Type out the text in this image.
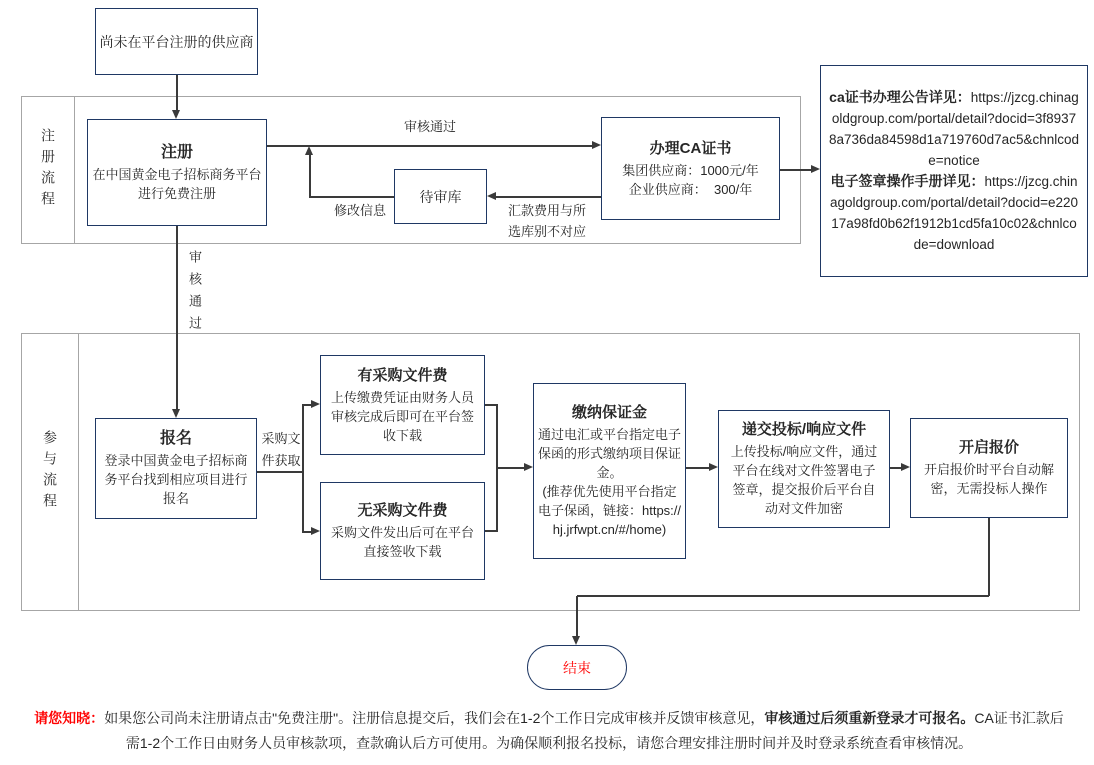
注册流程
参与流程
尚未在平台注册的供应商
注册
在中国黄金电子招标商务平台进行免费注册	待审库
办理CA证书
集团供应商：1000元/年
企业供应商：  300/年

ca证书办理公告详见：https://jzcg.chinagoldgroup.com/portal/detail?docid=3f89378a736da84598d1a719760d7ac5&chnlcode=notice

电子签章操作手册详见：https://jzcg.chinagoldgroup.com/portal/detail?docid=e22017a98fd0b62f1912b1cd5fa10c02&chnlcode=download

报名
登录中国黄金电子招标商务平台找到相应项目进行报名
有采购文件费
上传缴费凭证由财务人员审核完成后即可在平台签收下载
无采购文件费
采购文件发出后可在平台直接签收下载
缴纳保证金
通过电汇或平台指定电子保函的形式缴纳项目保证金。
(推荐优先使用平台指定电子保函，链接：https://hj.jrfwpt.cn/#/home)
递交投标/响应文件
上传投标/响应文件，通过平台在线对文件签署电子签章，提交报价后平台自动对文件加密
开启报价
开启报价时平台自动解密，无需投标人操作
结束
审核通过
汇款费用与所选库别不对应
修改信息
审核通过
采购文件获取
请您知晓：如果您公司尚未注册请点击"免费注册"。注册信息提交后，我们会在1-2个工作日完成审核并反馈审核意见，审核通过后须重新登录才可报名。CA证书汇款后需1-2个工作日由财务人员审核款项，查款确认后方可使用。为确保顺利报名投标，请您合理安排注册时间并及时登录系统查看审核情况。
